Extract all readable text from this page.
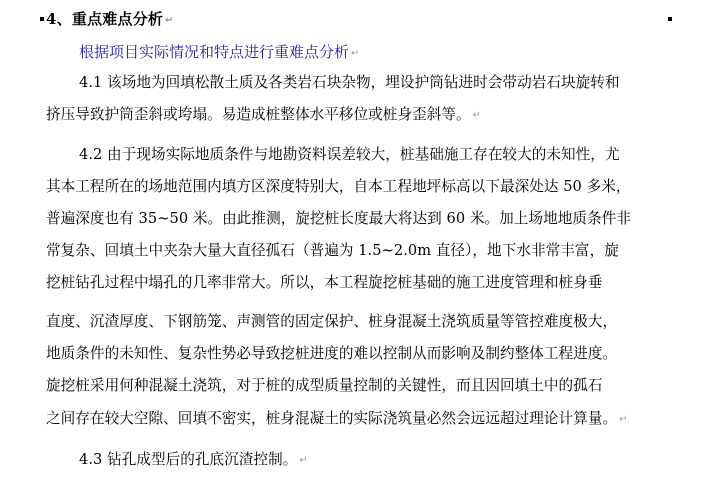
4、重点难点分析 ↵
根据项目实际情况和特点进行重难点分析 ↵
4.1 该场地为回填松散土质及各类岩石块杂物，埋设护筒钻进时会带动岩石块旋转和
挤压导致护筒歪斜或垮塌。易造成桩整体水平移位或桩身歪斜等。 ↵
4.2 由于现场实际地质条件与地勘资料误差较大，桩基础施工存在较大的未知性，尤
其本工程所在的场地范围内填方区深度特别大，自本工程地坪标高以下最深处达 50 多米，
普遍深度也有 35~50 米。由此推测，旋挖桩长度最大将达到 60 米。加上场地地质条件非
常复杂、回填土中夹杂大量大直径孤石（普遍为 1.5~2.0m 直径），地下水非常丰富，旋
挖桩钻孔过程中塌孔的几率非常大。所以，本工程旋挖桩基础的施工进度管理和桩身垂
直度、沉渣厚度、下钢筋笼、声测管的固定保护、桩身混凝土浇筑质量等管控难度极大，
地质条件的未知性、复杂性势必导致挖桩进度的难以控制从而影响及制约整体工程进度。
旋挖桩采用何种混凝土浇筑，对于桩的成型质量控制的关键性，而且因回填土中的孤石
之间存在较大空隙、回填不密实，桩身混凝土的实际浇筑量必然会远远超过理论计算量。 ↵
4.3 钻孔成型后的孔底沉渣控制。 ↵
